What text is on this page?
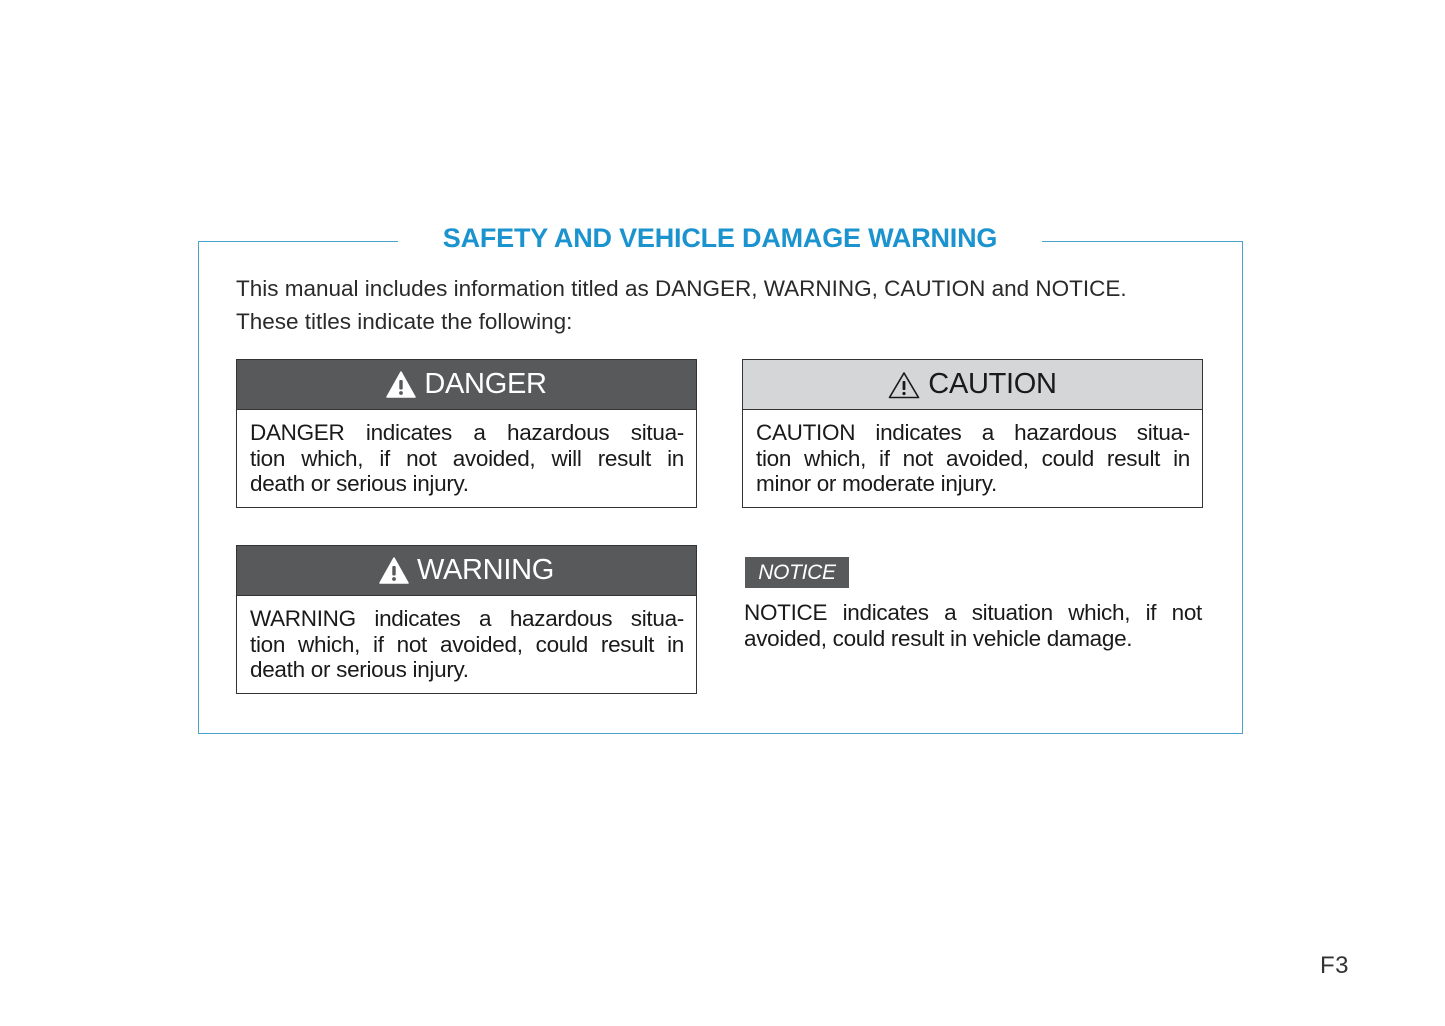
SAFETY AND VEHICLE DAMAGE WARNING

This manual includes information titled as DANGER, WARNING, CAUTION and NOTICE.

These titles indicate the following:

DANGER
DANGER indicates a hazardous situa-
tion which, if not avoided, will result in
death or serious injury.
CAUTION
CAUTION indicates a hazardous situa-
tion which, if not avoided, could result in
minor or moderate injury.
WARNING
WARNING indicates a hazardous situa-
tion which, if not avoided, could result in
death or serious injury.
NOTICE
NOTICE indicates a situation which, if not
avoided, could result in vehicle damage.
F3
